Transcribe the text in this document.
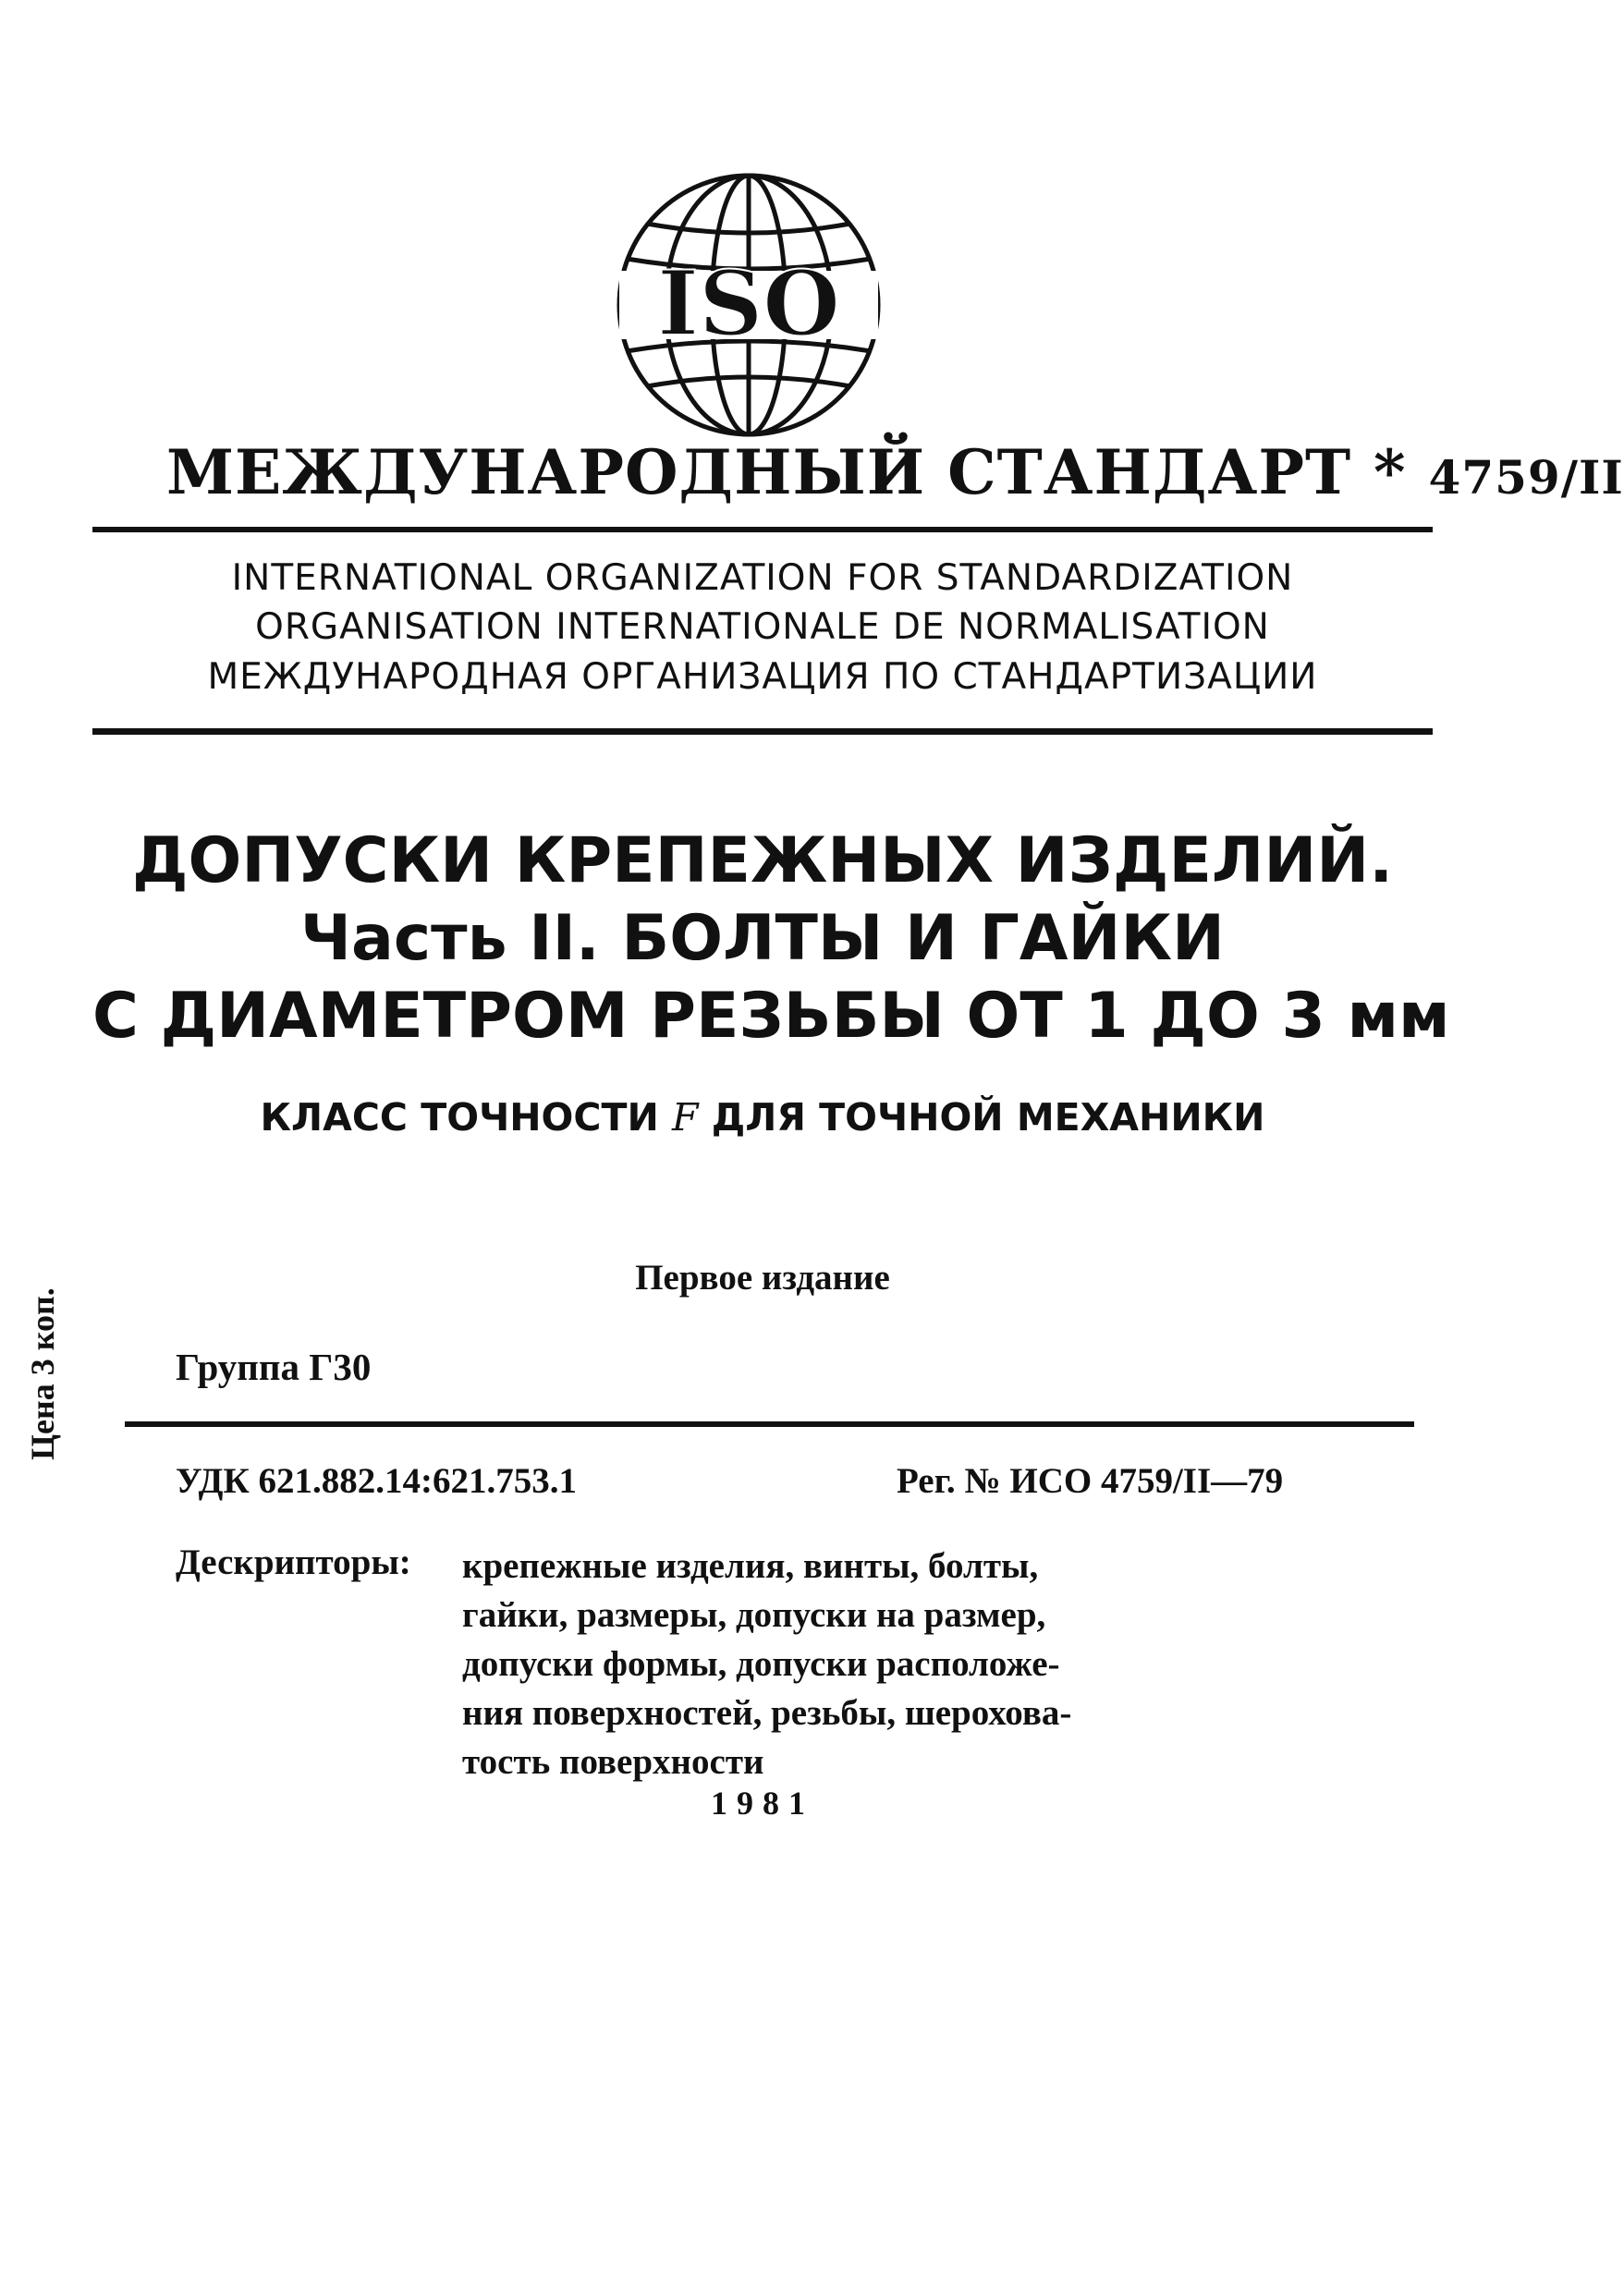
ISO
МЕЖДУНАРОДНЫЙ СТАНДАРТ * 4759/II
INTERNATIONAL ORGANIZATION FOR STANDARDIZATION
ORGANISATION INTERNATIONALE DE NORMALISATION
МЕЖДУНАРОДНАЯ ОРГАНИЗАЦИЯ ПО СТАНДАРТИЗАЦИИ
ДОПУСКИ КРЕПЕЖНЫХ ИЗДЕЛИЙ.
Часть II. БОЛТЫ И ГАЙКИ
С ДИАМЕТРОМ РЕЗЬБЫ ОТ 1 ДО 3 мм
КЛАСС ТОЧНОСТИ F ДЛЯ ТОЧНОЙ МЕХАНИКИ
Первое издание
Цена 3 коп.	Группа Г30
УДК 621.882.14:621.753.1	Рег. № ИСО 4759/II—79
Дескрипторы: крепежные изделия, винты, болты,
гайки, размеры, допуски на размер,
допуски формы, допуски расположе-
ния поверхностей, резьбы, шерохова-
тость поверхности
1981
